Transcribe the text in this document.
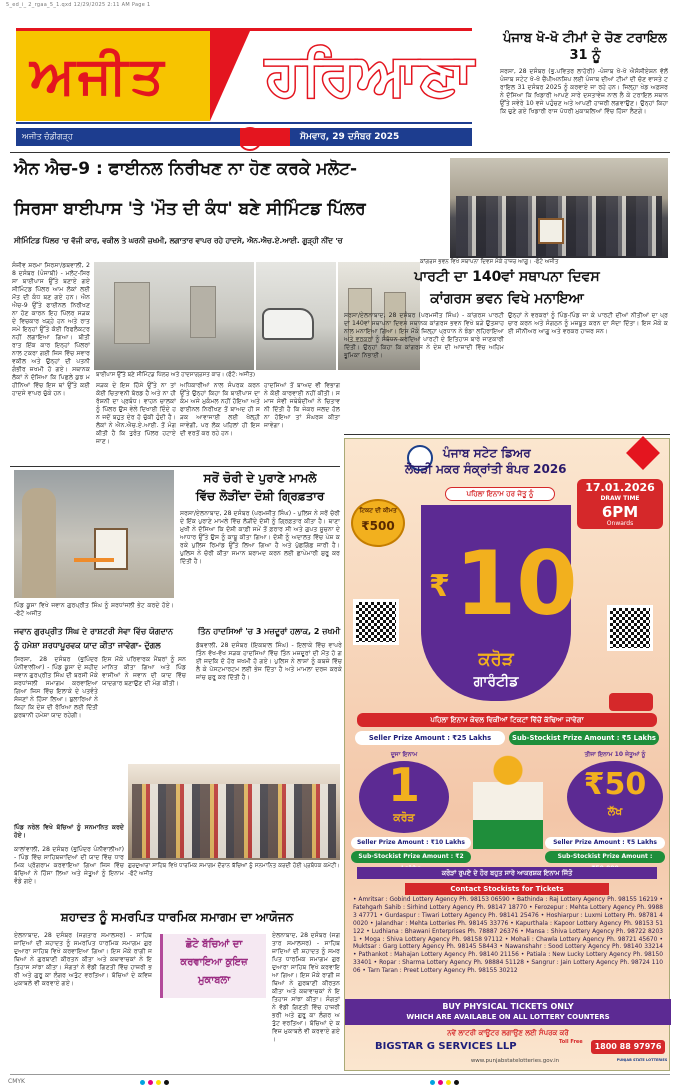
5_ed_i_ 2_rgaa_5_1.qxd 12/29/2025 2:11 AM Page 1
ਅਜੀਤ ਹਰਿਆਣਾ
ਅਜੀਤ ਚੰਡੀਗੜ੍ਹ	ਸੋਮਵਾਰ, 29 ਦਸੰਬਰ 2025
ਪੰਜਾਬ ਖੋ-ਖੋ ਟੀਮਾਂ ਦੇ ਚੋਣ ਟਰਾਇਲ 31 ਨੂੰ
ਸਰਸਾ, 28 ਦਸੰਬਰ (ਭੁ.ਪਵਿਤਰ ਲਾਹੋਰੀ) -ਪੰਜਾਬ ਖੋ-ਖੋ ਐਸੋਸੀਏਸ਼ਨ ਵੱਲੋਂ ਪੰਜਾਬ ਸਟੇਟ ਖੋ-ਖੋ ਚੈਂਪੀਅਨਸ਼ਿਪ ਲਈ ਪੰਜਾਬ ਦੀਆਂ ਟੀਮਾਂ ਦੀ ਚੋਣ ਵਾਸਤੇ ਟਰਾਇਲ 31 ਦਸੰਬਰ 2025 ਨੂੰ ਕਰਵਾਏ ਜਾ ਰਹੇ ਹਨ। ਜਿਲ੍ਹਾ ਖੇਡ ਅਫ਼ਸਰ ਨੇ ਦੱਸਿਆ ਕਿ ਖਿਡਾਰੀ ਆਪਣੇ ਸਾਰੇ ਦਸਤਾਵੇਜ਼ ਨਾਲ ਲੈ ਕੇ ਟਰਾਇਲ ਸਥਾਨ ਉੱਤੇ ਸਵੇਰੇ 10 ਵਜੇ ਪਹੁੰਚਣ ਅਤੇ ਆਪਣੀ ਹਾਜ਼ਰੀ ਲਗਵਾਉਣ। ਉਨ੍ਹਾਂ ਕਿਹਾ ਕਿ ਚੁਣੇ ਗਏ ਖਿਡਾਰੀ ਰਾਜ ਪੱਧਰੀ ਮੁਕਾਬਲਿਆਂ ਵਿੱਚ ਹਿੱਸਾ ਲੈਣਗੇ।
ਐਨ ਐਚ-9 : ਫਾਈਨਲ ਨਿਰੀਖਣ ਨਾ ਹੋਣ ਕਰਕੇ ਮਲੋਟ-
ਸਿਰਸਾ ਬਾਈਪਾਸ 'ਤੇ 'ਮੌਤ ਦੀ ਕੰਧ' ਬਣੇ ਸੀਮਿੰਟਡ ਪਿੱਲਰ
ਸੀਮਿੰਟਿਡ ਪਿੱਲਰ 'ਚ ਵੱਜੀ ਕਾਰ, ਵਕੀਲ ਤੇ ਘਰਨੀ ਜ਼ਖਮੀ, ਲਗਾਤਾਰ ਵਾਪਰ ਰਹੇ ਹਾਦਸੇ, ਐਨ.ਐਚ.ਏ.ਆਈ. ਗੂੜ੍ਹੀ ਨੀਂਦ 'ਚ
ਕਾਂਗਰਸ ਭਵਨ ਵਿਖੇ ਸਥਾਪਨਾ ਦਿਵਸ ਮੌਕੇ ਹਾਜ਼ਰ ਆਗੂ। -ਫੋਟੋ ਅਜੀਤ
ਸੰਜੀਵ ਸ਼ਰਮਾ ਸਿਰਸਾ/ਡਬਵਾਲੀ, 28 ਦਸੰਬਰ (ਪੰਜਾਬੀ) - ਮਲੋਟ-ਸਿਰਸਾ ਬਾਈਪਾਸ ਉੱਤੇ ਬਣਾਏ ਗਏ ਸੀਮਿੰਟਡ ਪਿੱਲਰ ਆਮ ਲੋਕਾਂ ਲਈ ਮੌਤ ਦੀ ਕੰਧ ਬਣ ਗਏ ਹਨ। ਐਨ ਐਚ-9 ਉੱਤੇ ਫਾਈਨਲ ਨਿਰੀਖਣ ਨਾ ਹੋਣ ਕਾਰਨ ਇਹ ਪਿੱਲਰ ਸੜਕ ਦੇ ਵਿਚਕਾਰ ਖੜ੍ਹੇ ਹਨ ਅਤੇ ਰਾਤ ਸਮੇਂ ਇਨ੍ਹਾਂ ਉੱਤੇ ਕੋਈ ਰਿਫਲੈਕਟਰ ਨਹੀਂ ਲਗਾਇਆ ਗਿਆ। ਬੀਤੀ ਰਾਤ ਇੱਕ ਕਾਰ ਇਨ੍ਹਾਂ ਪਿੱਲਰਾਂ ਨਾਲ ਟਕਰਾ ਗਈ ਜਿਸ ਵਿੱਚ ਸਵਾਰ ਵਕੀਲ ਅਤੇ ਉਨ੍ਹਾਂ ਦੀ ਪਤਨੀ ਗੰਭੀਰ ਜ਼ਖਮੀ ਹੋ ਗਏ। ਸਥਾਨਕ ਲੋਕਾਂ ਨੇ ਦੱਸਿਆ ਕਿ ਪਿਛਲੇ ਕੁਝ ਮਹੀਨਿਆਂ ਵਿੱਚ ਇਸ ਥਾਂ ਉੱਤੇ ਕਈ ਹਾਦਸੇ ਵਾਪਰ ਚੁੱਕੇ ਹਨ।
ਬਾਈਪਾਸ ਉੱਤੇ ਬਣੇ ਸੀਮਿੰਟਡ ਪਿੱਲਰ ਅਤੇ ਹਾਦਸਾਗ੍ਰਸਤ ਕਾਰ। (ਫੋਟੋ: ਅਜੀਤ)
ਸੜਕ ਦੇ ਇਸ ਹਿੱਸੇ ਉੱਤੇ ਨਾ ਤਾਂ ਕੋਈ ਚਿਤਾਵਨੀ ਬੋਰਡ ਹੈ ਅਤੇ ਨਾ ਹੀ ਰੋਸ਼ਨੀ ਦਾ ਪ੍ਰਬੰਧ। ਵਾਹਨ ਚਾਲਕਾਂ ਨੂੰ ਪਿੱਲਰ ਉਸ ਵੇਲੇ ਦਿਖਾਈ ਦਿੰਦੇ ਹਨ ਜਦੋਂ ਬਹੁਤ ਦੇਰ ਹੋ ਚੁੱਕੀ ਹੁੰਦੀ ਹੈ। ਲੋਕਾਂ ਨੇ ਐਨ.ਐਚ.ਏ.ਆਈ. ਤੋਂ ਮੰਗ ਕੀਤੀ ਹੈ ਕਿ ਤੁਰੰਤ ਪਿੱਲਰ ਹਟਾਏ ਜਾਣ।
ਅਧਿਕਾਰੀਆਂ ਨਾਲ ਸੰਪਰਕ ਕਰਨ ਉੱਤੇ ਉਨ੍ਹਾਂ ਕਿਹਾ ਕਿ ਬਾਈਪਾਸ ਦਾ ਕੰਮ ਅਜੇ ਮੁਕੰਮਲ ਨਹੀਂ ਹੋਇਆ ਅਤੇ ਫਾਈਨਲ ਨਿਰੀਖਣ ਤੋਂ ਬਾਅਦ ਹੀ ਸੜਕ ਆਵਾਜਾਈ ਲਈ ਖੋਲ੍ਹੀ ਜਾਵੇਗੀ, ਪਰ ਲੋਕ ਪਹਿਲਾਂ ਹੀ ਇਸ ਦੀ ਵਰਤੋਂ ਕਰ ਰਹੇ ਹਨ।
ਹਾਦਸਿਆਂ ਤੋਂ ਬਾਅਦ ਵੀ ਵਿਭਾਗ ਨੇ ਕੋਈ ਕਾਰਵਾਈ ਨਹੀਂ ਕੀਤੀ। ਸਮਾਜ ਸੇਵੀ ਜਥੇਬੰਦੀਆਂ ਨੇ ਚਿਤਾਵਨੀ ਦਿੱਤੀ ਹੈ ਕਿ ਜੇਕਰ ਜਲਦ ਹੱਲ ਨਾ ਹੋਇਆ ਤਾਂ ਸੰਘਰਸ਼ ਕੀਤਾ ਜਾਵੇਗਾ।
ਪਾਰਟੀ ਦਾ 140ਵਾਂ ਸਥਾਪਨਾ ਦਿਵਸ
ਕਾਂਗਰਸ ਭਵਨ ਵਿਖੇ ਮਨਾਇਆ
ਸਰਸਾ/ਏਲਨਾਬਾਦ, 28 ਦਸੰਬਰ (ਪਰਮਜੀਤ ਸਿੰਘ) - ਕਾਂਗਰਸ ਪਾਰਟੀ ਦਾ 140ਵਾਂ ਸਥਾਪਨਾ ਦਿਵਸ ਸਥਾਨਕ ਕਾਂਗਰਸ ਭਵਨ ਵਿਖੇ ਬੜੇ ਉਤਸ਼ਾਹ ਨਾਲ ਮਨਾਇਆ ਗਿਆ। ਇਸ ਮੌਕੇ ਜ਼ਿਲ੍ਹਾ ਪ੍ਰਧਾਨ ਨੇ ਝੰਡਾ ਲਹਿਰਾਇਆ ਅਤੇ ਵਰਕਰਾਂ ਨੂੰ ਸੰਬੋਧਨ ਕਰਦਿਆਂ ਪਾਰਟੀ ਦੇ ਇਤਿਹਾਸ ਬਾਰੇ ਜਾਣਕਾਰੀ ਦਿੱਤੀ। ਉਨ੍ਹਾਂ ਕਿਹਾ ਕਿ ਕਾਂਗਰਸ ਨੇ ਦੇਸ਼ ਦੀ ਆਜ਼ਾਦੀ ਵਿੱਚ ਅਹਿਮ ਭੂਮਿਕਾ ਨਿਭਾਈ।
ਉਨ੍ਹਾਂ ਨੇ ਵਰਕਰਾਂ ਨੂੰ ਪਿੰਡ-ਪਿੰਡ ਜਾ ਕੇ ਪਾਰਟੀ ਦੀਆਂ ਨੀਤੀਆਂ ਦਾ ਪ੍ਰਚਾਰ ਕਰਨ ਅਤੇ ਸੰਗਠਨ ਨੂੰ ਮਜ਼ਬੂਤ ਕਰਨ ਦਾ ਸੱਦਾ ਦਿੱਤਾ। ਇਸ ਮੌਕੇ ਕਈ ਸੀਨੀਅਰ ਆਗੂ ਅਤੇ ਵਰਕਰ ਹਾਜ਼ਰ ਸਨ।
ਪਿੰਡ ਕੂਸਾ ਵਿਖੇ ਜਵਾਨ ਗੁਰਪ੍ਰੀਤ ਸਿੰਘ ਨੂੰ ਸ਼ਰਧਾਂਜਲੀ ਭੇਟ ਕਰਦੇ ਹੋਏ। -ਫੋਟੋ ਅਜੀਤ
ਸਰੋਂ ਚੋਰੀ ਦੇ ਪੁਰਾਣੇ ਮਾਮਲੇ
ਵਿੱਚ ਲੋੜੀਂਦਾ ਦੋਸ਼ੀ ਗ੍ਰਿਫ਼ਤਾਰ
ਸਰਸਾ/ਏਲਨਾਬਾਦ, 28 ਦਸੰਬਰ (ਪਰਮਜੀਤ ਸਿੰਘ) - ਪੁਲਿਸ ਨੇ ਸਰੋਂ ਚੋਰੀ ਦੇ ਇੱਕ ਪੁਰਾਣੇ ਮਾਮਲੇ ਵਿੱਚ ਲੋੜੀਂਦੇ ਦੋਸ਼ੀ ਨੂੰ ਗ੍ਰਿਫ਼ਤਾਰ ਕੀਤਾ ਹੈ। ਥਾਣਾ ਮੁਖੀ ਨੇ ਦੱਸਿਆ ਕਿ ਦੋਸ਼ੀ ਕਾਫ਼ੀ ਸਮੇਂ ਤੋਂ ਫ਼ਰਾਰ ਸੀ ਅਤੇ ਗੁਪਤ ਸੂਚਨਾ ਦੇ ਆਧਾਰ ਉੱਤੇ ਉਸ ਨੂੰ ਕਾਬੂ ਕੀਤਾ ਗਿਆ। ਦੋਸ਼ੀ ਨੂੰ ਅਦਾਲਤ ਵਿੱਚ ਪੇਸ਼ ਕਰਕੇ ਪੁਲਿਸ ਰਿਮਾਂਡ ਉੱਤੇ ਲਿਆ ਗਿਆ ਹੈ ਅਤੇ ਪੁੱਛਗਿੱਛ ਜਾਰੀ ਹੈ। ਪੁਲਿਸ ਨੇ ਚੋਰੀ ਕੀਤਾ ਸਮਾਨ ਬਰਾਮਦ ਕਰਨ ਲਈ ਛਾਪੇਮਾਰੀ ਸ਼ੁਰੂ ਕਰ ਦਿੱਤੀ ਹੈ।
ਜਵਾਨ ਗੁਰਪ੍ਰੀਤ ਸਿੰਘ ਦੇ ਰਾਸ਼ਟਰੀ ਸੇਵਾ ਵਿੱਚ ਯੋਗਦਾਨ
ਨੂੰ ਹਮੇਸ਼ਾ ਸ਼ਰਧਾਪੂਰਵਕ ਯਾਦ ਕੀਤਾ ਜਾਵੇਗਾ- ਦੁੱਗਲ
ਸਿਰਸਾ, 28 ਦਸੰਬਰ (ਭੁਪਿੰਦਰ ਪੰਨੀਵਾਲੀਆ) - ਪਿੰਡ ਕੂਸਾ ਦੇ ਸ਼ਹੀਦ ਜਵਾਨ ਗੁਰਪ੍ਰੀਤ ਸਿੰਘ ਦੀ ਬਰਸੀ ਮੌਕੇ ਸ਼ਰਧਾਂਜਲੀ ਸਮਾਗਮ ਕਰਵਾਇਆ ਗਿਆ ਜਿਸ ਵਿੱਚ ਇਲਾਕੇ ਦੇ ਪਤਵੰਤੇ ਸੱਜਣਾਂ ਨੇ ਹਿੱਸਾ ਲਿਆ। ਬੁਲਾਰਿਆਂ ਨੇ ਕਿਹਾ ਕਿ ਦੇਸ਼ ਦੀ ਰੱਖਿਆ ਲਈ ਦਿੱਤੀ ਕੁਰਬਾਨੀ ਹਮੇਸ਼ਾ ਯਾਦ ਰਹੇਗੀ।
ਇਸ ਮੌਕੇ ਪਰਿਵਾਰਕ ਮੈਂਬਰਾਂ ਨੂੰ ਸਨਮਾਨਿਤ ਕੀਤਾ ਗਿਆ ਅਤੇ ਪਿੰਡ ਵਾਸੀਆਂ ਨੇ ਜਵਾਨ ਦੀ ਯਾਦ ਵਿੱਚ ਯਾਦਗਾਰ ਬਣਾਉਣ ਦੀ ਮੰਗ ਕੀਤੀ।
ਤਿੰਨ ਹਾਦਸਿਆਂ 'ਚ 3 ਮਜ਼ਦੂਰਾਂ ਹਲਾਕ, 2 ਜ਼ਖਮੀ
ਡੱਬਵਾਲੀ, 28 ਦਸੰਬਰ (ਇਕਬਾਲ ਸਿੰਘ) - ਇਲਾਕੇ ਵਿੱਚ ਵਾਪਰੇ ਤਿੰਨ ਵੱਖ-ਵੱਖ ਸੜਕ ਹਾਦਸਿਆਂ ਵਿੱਚ ਤਿੰਨ ਮਜ਼ਦੂਰਾਂ ਦੀ ਮੌਤ ਹੋ ਗਈ ਜਦਕਿ ਦੋ ਹੋਰ ਜ਼ਖਮੀ ਹੋ ਗਏ। ਪੁਲਿਸ ਨੇ ਲਾਸ਼ਾਂ ਨੂੰ ਕਬਜ਼ੇ ਵਿੱਚ ਲੈ ਕੇ ਪੋਸਟਮਾਰਟਮ ਲਈ ਭੇਜ ਦਿੱਤਾ ਹੈ ਅਤੇ ਮਾਮਲਾ ਦਰਜ ਕਰਕੇ ਜਾਂਚ ਸ਼ੁਰੂ ਕਰ ਦਿੱਤੀ ਹੈ।
ਗੁਰਦੁਆਰਾ ਸਾਹਿਬ ਵਿਖੇ ਧਾਰਮਿਕ ਸਮਾਗਮ ਦੌਰਾਨ ਬੱਚਿਆਂ ਨੂੰ ਸਨਮਾਨਿਤ ਕਰਦੀ ਹੋਈ ਪ੍ਰਬੰਧਕ ਕਮੇਟੀ। -ਫੋਟੋ ਅਜੀਤ
ਪਿੰਡ ਨਰੇਲ ਵਿਖੇ ਬੱਚਿਆਂ ਨੂੰ ਸਨਮਾਨਿਤ ਕਰਦੇ ਹੋਏ।
ਕਾਲਾਂਵਾਲੀ, 28 ਦਸੰਬਰ (ਭੁਪਿੰਦਰ ਪੰਨੀਵਾਲੀਆ) - ਪਿੰਡ ਵਿੱਚ ਸਾਹਿਬਜ਼ਾਦਿਆਂ ਦੀ ਯਾਦ ਵਿੱਚ ਧਾਰਮਿਕ ਪ੍ਰੋਗਰਾਮ ਕਰਵਾਇਆ ਗਿਆ ਜਿਸ ਵਿੱਚ ਬੱਚਿਆਂ ਨੇ ਹਿੱਸਾ ਲਿਆ ਅਤੇ ਜੇਤੂਆਂ ਨੂੰ ਇਨਾਮ ਵੰਡੇ ਗਏ।
ਸ਼ਹਾਦਤ ਨੂੰ ਸਮਰਪਿਤ ਧਾਰਮਿਕ ਸਮਾਗਮ ਦਾ ਆਯੋਜਨ
ਏਲਨਾਬਾਦ, 28 ਦਸੰਬਰ (ਜਗਤਾਰ ਸਮਾਲਸਰ) - ਸਾਹਿਬਜ਼ਾਦਿਆਂ ਦੀ ਸ਼ਹਾਦਤ ਨੂੰ ਸਮਰਪਿਤ ਧਾਰਮਿਕ ਸਮਾਗਮ ਗੁਰਦੁਆਰਾ ਸਾਹਿਬ ਵਿਖੇ ਕਰਵਾਇਆ ਗਿਆ। ਇਸ ਮੌਕੇ ਰਾਗੀ ਜਥਿਆਂ ਨੇ ਗੁਰਬਾਣੀ ਕੀਰਤਨ ਕੀਤਾ ਅਤੇ ਕਥਾਵਾਚਕਾਂ ਨੇ ਇਤਿਹਾਸ ਸਾਂਝਾ ਕੀਤਾ। ਸੰਗਤਾਂ ਨੇ ਵੱਡੀ ਗਿਣਤੀ ਵਿੱਚ ਹਾਜ਼ਰੀ ਭਰੀ ਅਤੇ ਗੁਰੂ ਕਾ ਲੰਗਰ ਅਤੁੱਟ ਵਰਤਿਆ। ਬੱਚਿਆਂ ਦੇ ਕਵਿਜ਼ ਮੁਕਾਬਲੇ ਵੀ ਕਰਵਾਏ ਗਏ।
ਛੋਟੇ ਬੱਚਿਆਂ ਦਾ
ਕਰਵਾਇਆ ਕੁਇਜ਼
ਮੁਕਾਬਲਾ
ਏਲਨਾਬਾਦ, 28 ਦਸੰਬਰ (ਜਗਤਾਰ ਸਮਾਲਸਰ) - ਸਾਹਿਬਜ਼ਾਦਿਆਂ ਦੀ ਸ਼ਹਾਦਤ ਨੂੰ ਸਮਰਪਿਤ ਧਾਰਮਿਕ ਸਮਾਗਮ ਗੁਰਦੁਆਰਾ ਸਾਹਿਬ ਵਿਖੇ ਕਰਵਾਇਆ ਗਿਆ। ਇਸ ਮੌਕੇ ਰਾਗੀ ਜਥਿਆਂ ਨੇ ਗੁਰਬਾਣੀ ਕੀਰਤਨ ਕੀਤਾ ਅਤੇ ਕਥਾਵਾਚਕਾਂ ਨੇ ਇਤਿਹਾਸ ਸਾਂਝਾ ਕੀਤਾ। ਸੰਗਤਾਂ ਨੇ ਵੱਡੀ ਗਿਣਤੀ ਵਿੱਚ ਹਾਜ਼ਰੀ ਭਰੀ ਅਤੇ ਗੁਰੂ ਕਾ ਲੰਗਰ ਅਤੁੱਟ ਵਰਤਿਆ। ਬੱਚਿਆਂ ਦੇ ਕਵਿਜ਼ ਮੁਕਾਬਲੇ ਵੀ ਕਰਵਾਏ ਗਏ।
ਪੰਜਾਬ ਸਟੇਟ ਡਿਅਰ
ਲੋਹੜੀ ਮਕਰ ਸੰਕ੍ਰਾਂਤੀ ਬੰਪਰ 2026
ਟਿਕਟ ਦੀ ਕੀਮਤ
₹500
ਪਹਿਲਾ ਇਨਾਮ ਹਰ ਜੇਤੂ ਨੂੰ	17.01.2026
DRAW TIME
6PM
Onwards
₹ 10
ਕਰੋੜ
ਗਾਰੰਟੀਡ
ਪਹਿਲਾ ਇਨਾਮ ਕੇਵਲ ਵਿਕੀਆਂ ਟਿਕਟਾਂ ਵਿੱਚੋਂ ਕੱਢਿਆ ਜਾਵੇਗਾ
Seller Prize Amount : ₹25 Lakhs	Sub-Stockist Prize Amount : ₹5 Lakhs
ਦੂਜਾ ਇਨਾਮ	ਤੀਜਾ ਇਨਾਮ 10 ਜੇਤੂਆਂ ਨੂੰ
1
ਕਰੋੜ
₹50
ਲੱਖ
Seller Prize Amount : ₹10 Lakhs	Seller Prize Amount : ₹5 Lakhs
Sub-Stockist Prize Amount : ₹2	Sub-Stockist Prize Amount :
ਕਰੋੜਾਂ ਰੁਪਏ ਦੇ ਹੋਰ ਬਹੁਤ ਸਾਰੇ ਆਕਰਸ਼ਕ ਇਨਾਮ ਜਿੱਤੋ
Contact Stockists for Tickets
• Amritsar : Gobind Lottery Agency Ph. 98153 06590 • Bathinda : Raj Lottery Agency Ph. 98155 16219 • Fatehgarh Sahib : Sirhind Lottery Agency Ph. 98147 18770 • Ferozepur : Mehta Lottery Agency Ph. 99883 47771 • Gurdaspur : Tiwari Lottery Agency Ph. 98141 25476 • Hoshiarpur : Luxmi Lottery Ph. 98781 40020 • Jalandhar : Mehta Lotteries Ph. 98145 33776 • Kapurthala : Kapoor Lottery Agency Ph. 98153 51122 • Ludhiana : Bhawani Enterprises Ph. 78887 26376 • Mansa : Shiva Lottery Agency Ph. 98722 82031 • Moga : Shiva Lottery Agency Ph. 98158 97112 • Mohali : Chawla Lottery Agency Ph. 98721 45670 • Muktsar : Garg Lottery Agency Ph. 98145 58443 • Nawanshahr : Sood Lottery Agency Ph. 98140 33214 • Pathankot : Mahajan Lottery Agency Ph. 98140 21156 • Patiala : New Lucky Lottery Agency Ph. 98150 33401 • Ropar : Sharma Lottery Agency Ph. 98884 51128 • Sangrur : Jain Lottery Agency Ph. 98724 11006 • Tarn Taran : Preet Lottery Agency Ph. 98155 30212
BUY PHYSICAL TICKETS ONLY
WHICH ARE AVAILABLE ON ALL LOTTERY COUNTERS
ਨਵੇਂ ਲਾਟਰੀ ਕਾਊਂਟਰ ਲਗਾਉਣ ਲਈ ਸੰਪਰਕ ਕਰੋ
BIGSTAR G SERVICES LLP	Toll Free	1800 88 97976
www.punjabstatelotteries.gov.in	PUNJAB STATE LOTTERIES
CMYK
